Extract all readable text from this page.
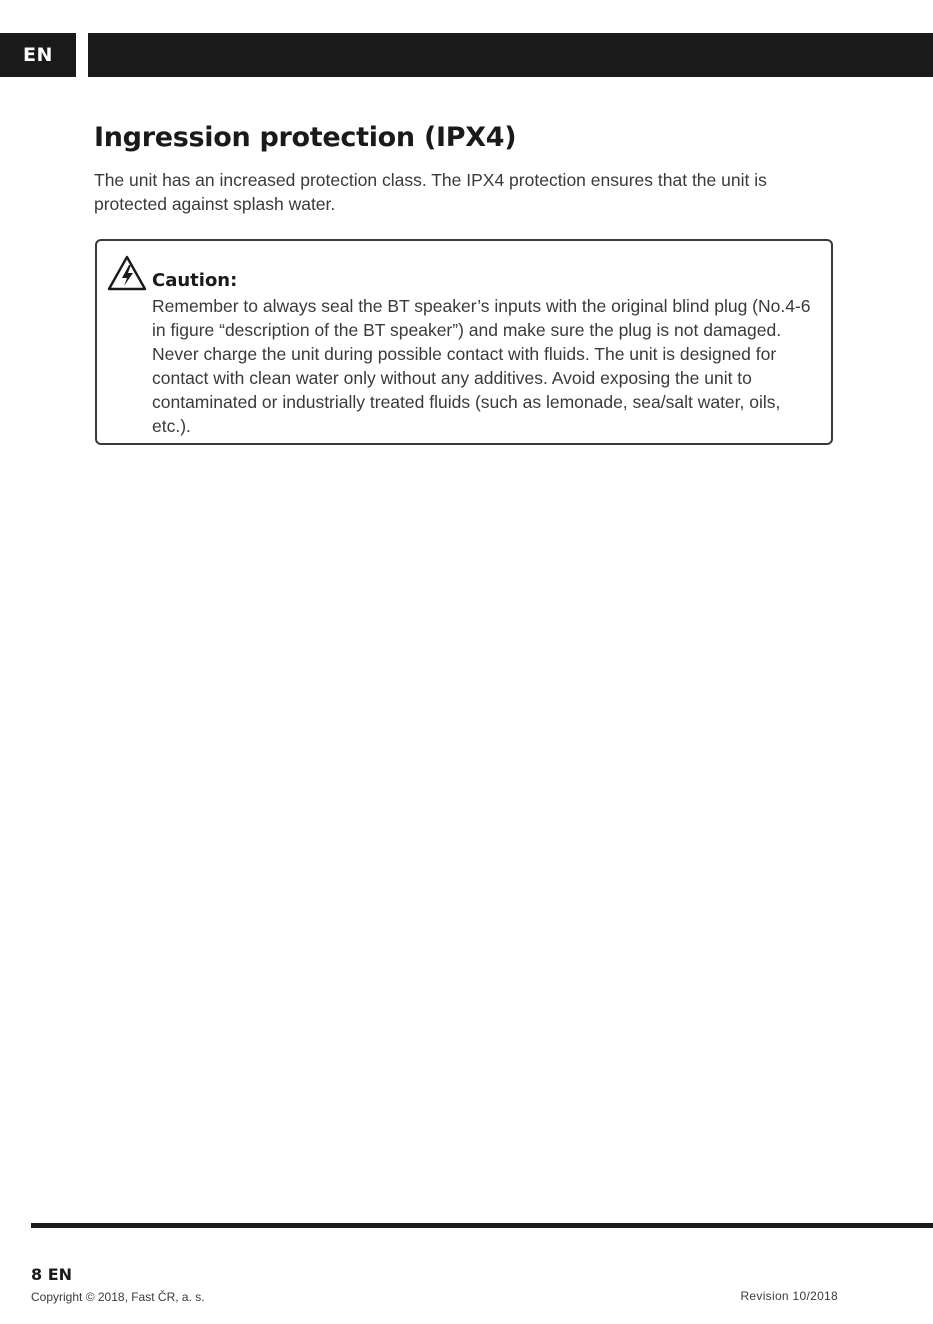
EN
Ingression protection (IPX4)

The unit has an increased protection class. The IPX4 protection ensures that the unit is protected against splash water.

Caution:

Remember to always seal the BT speaker’s inputs with the original blind plug (No.4-6 in figure “description of the BT speaker”) and make sure the plug is not damaged. Never charge the unit during possible contact with fluids. The unit is designed for contact with clean water only without any additives. Avoid exposing the unit to contaminated or industrially treated fluids (such as lemonade, sea/salt water, oils, etc.).

8 EN
Copyright © 2018, Fast ČR, a. s.	Revision 10/2018
